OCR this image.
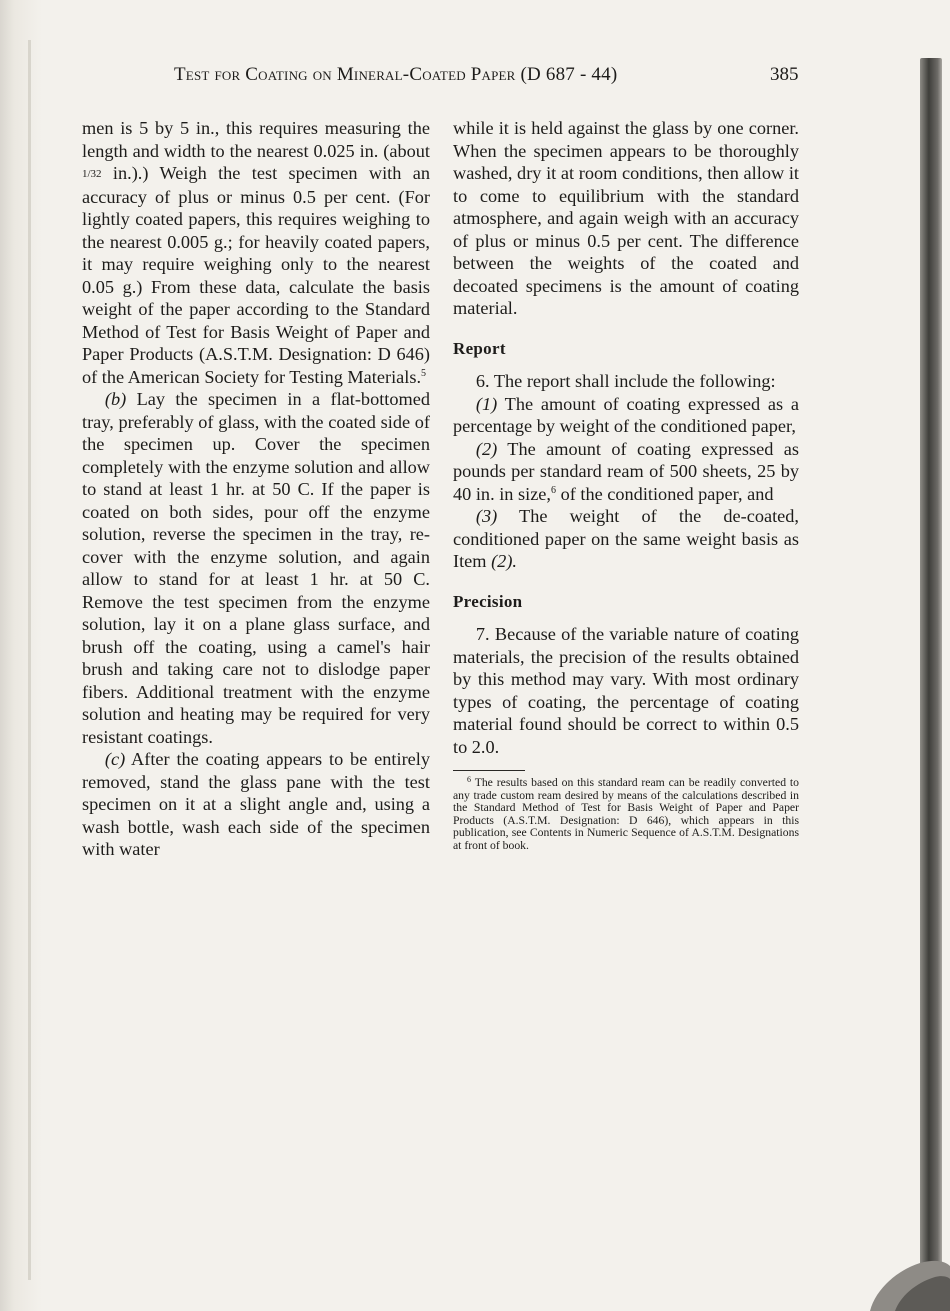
Test for Coating on Mineral-Coated Paper (D 687 - 44)	385

men is 5 by 5 in., this requires measuring the length and width to the nearest 0.025 in. (about 1/32 in.).) Weigh the test specimen with an accuracy of plus or minus 0.5 per cent. (For lightly coated papers, this requires weighing to the nearest 0.005 g.; for heavily coated papers, it may require weighing only to the nearest 0.05 g.) From these data, calculate the basis weight of the paper according to the Standard Method of Test for Basis Weight of Paper and Paper Products (A.S.T.M. Designation: D 646) of the American Society for Testing Materials.$^5$

(b) Lay the specimen in a flat-bottomed tray, preferably of glass, with the coated side of the specimen up. Cover the specimen completely with the enzyme solution and allow to stand at least 1 hr. at 50 C. If the paper is coated on both sides, pour off the enzyme solution, reverse the specimen in the tray, re-cover with the enzyme solution, and again allow to stand for at least 1 hr. at 50 C. Remove the test specimen from the enzyme solution, lay it on a plane glass surface, and brush off the coating, using a camel's hair brush and taking care not to dislodge paper fibers. Additional treatment with the enzyme solution and heating may be required for very resistant coatings.

(c) After the coating appears to be entirely removed, stand the glass pane with the test specimen on it at a slight angle and, using a wash bottle, wash each side of the specimen with water

while it is held against the glass by one corner. When the specimen appears to be thoroughly washed, dry it at room conditions, then allow it to come to equilibrium with the standard atmosphere, and again weigh with an accuracy of plus or minus 0.5 per cent. The difference between the weights of the coated and decoated specimens is the amount of coating material.

Report

6. The report shall include the following:

(1) The amount of coating expressed as a percentage by weight of the conditioned paper,

(2) The amount of coating expressed as pounds per standard ream of 500 sheets, 25 by 40 in. in size,$^6$ of the conditioned paper, and

(3) The weight of the de-coated, conditioned paper on the same weight basis as Item (2).

Precision

7. Because of the variable nature of coating materials, the precision of the results obtained by this method may vary. With most ordinary types of coating, the percentage of coating material found should be correct to within 0.5 to 2.0.

$^6$ The results based on this standard ream can be readily converted to any trade custom ream desired by means of the calculations described in the Standard Method of Test for Basis Weight of Paper and Paper Products (A.S.T.M. Designation: D 646), which appears in this publication, see Contents in Numeric Sequence of A.S.T.M. Designations at front of book.
